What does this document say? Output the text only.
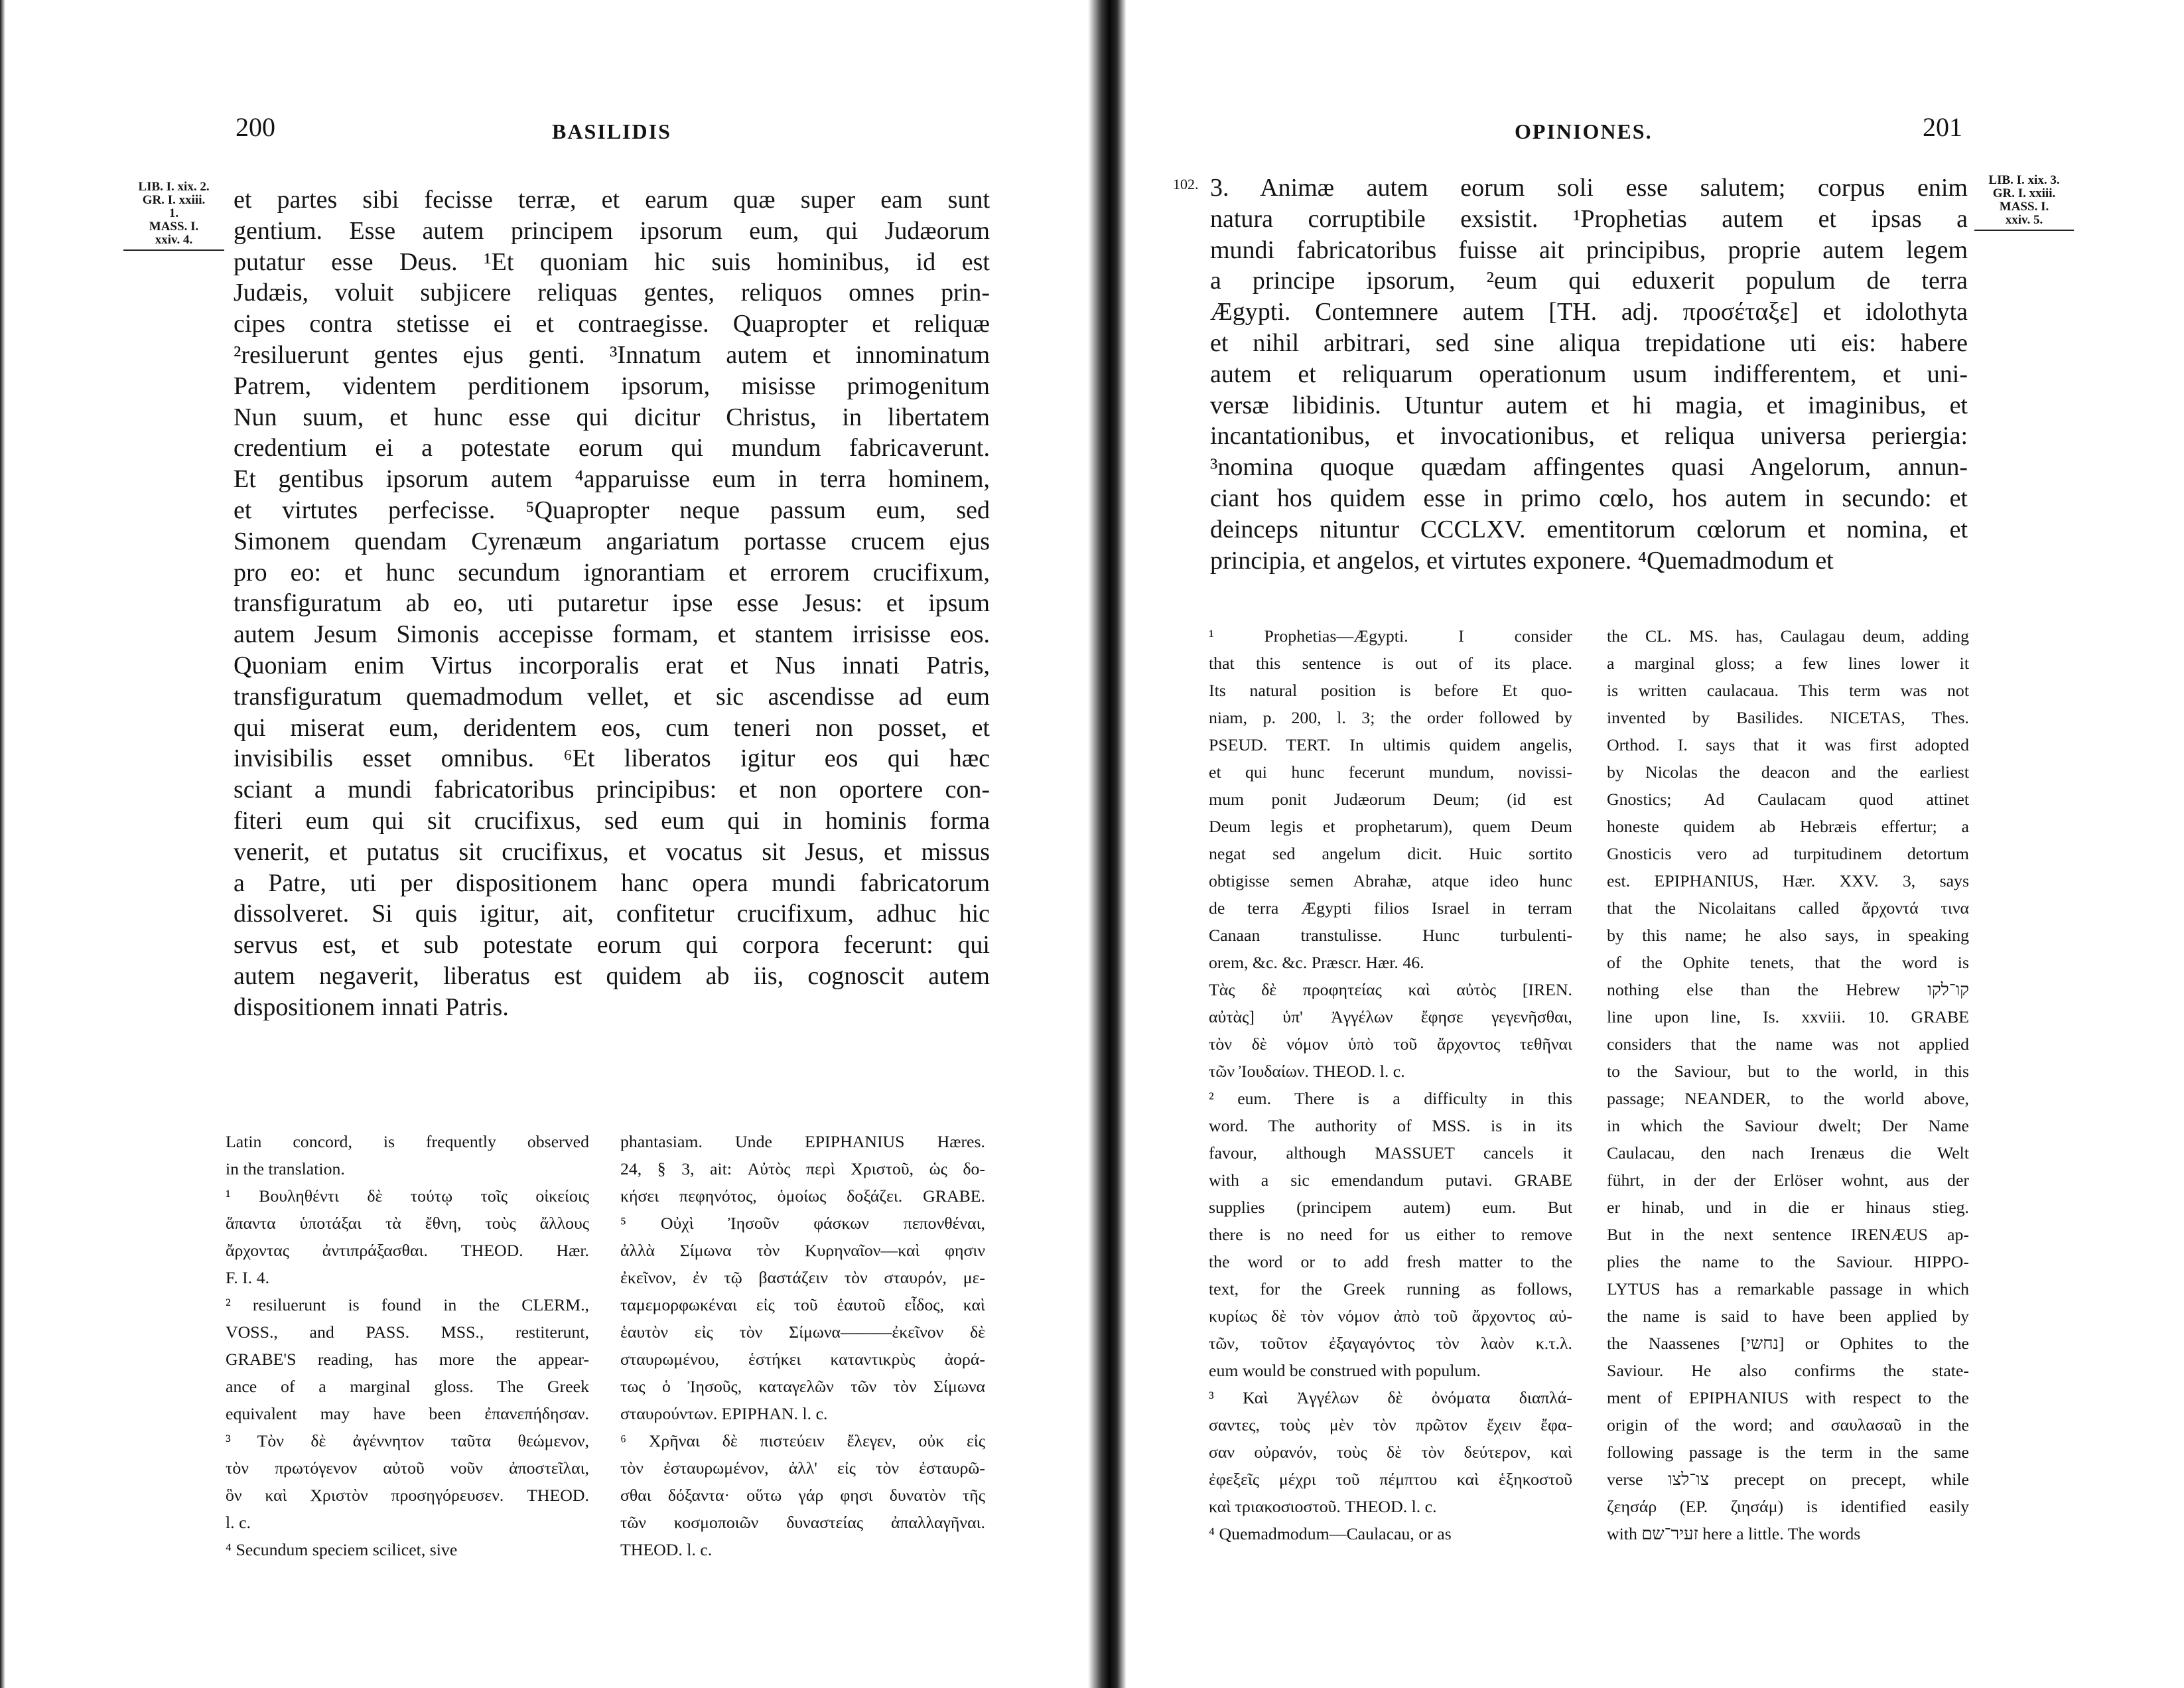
200	BASILIDIS
LIB. I. xix. 2.
GR. I. xxiii.
1.
MASS. I.
xxiv. 4.
et partes sibi fecisse terræ, et earum quæ super eam sunt
gentium. Esse autem principem ipsorum eum, qui Judæorum
putatur esse Deus. ¹Et quoniam hic suis hominibus, id est
Judæis, voluit subjicere reliquas gentes, reliquos omnes prin-
cipes contra stetisse ei et contraegisse. Quapropter et reliquæ
²resiluerunt gentes ejus genti. ³Innatum autem et innominatum
Patrem, videntem perditionem ipsorum, misisse primogenitum
Nun suum, et hunc esse qui dicitur Christus, in libertatem
credentium ei a potestate eorum qui mundum fabricaverunt.
Et gentibus ipsorum autem ⁴apparuisse eum in terra hominem,
et virtutes perfecisse. ⁵Quapropter neque passum eum, sed
Simonem quendam Cyrenæum angariatum portasse crucem ejus
pro eo: et hunc secundum ignorantiam et errorem crucifixum,
transfiguratum ab eo, uti putaretur ipse esse Jesus: et ipsum
autem Jesum Simonis accepisse formam, et stantem irrisisse eos.
Quoniam enim Virtus incorporalis erat et Nus innati Patris,
transfiguratum quemadmodum vellet, et sic ascendisse ad eum
qui miserat eum, deridentem eos, cum teneri non posset, et
invisibilis esset omnibus. ⁶Et liberatos igitur eos qui hæc
sciant a mundi fabricatoribus principibus: et non oportere con-
fiteri eum qui sit crucifixus, sed eum qui in hominis forma
venerit, et putatus sit crucifixus, et vocatus sit Jesus, et missus
a Patre, uti per dispositionem hanc opera mundi fabricatorum
dissolveret. Si quis igitur, ait, confitetur crucifixum, adhuc hic
servus est, et sub potestate eorum qui corpora fecerunt: qui
autem negaverit, liberatus est quidem ab iis, cognoscit autem
dispositionem innati Patris.
Latin concord, is frequently observed
in the translation.
¹ Βουληθέντι δὲ τούτῳ τοῖς οἰκείοις
ἅπαντα ὑποτάξαι τὰ ἔθνη, τοὺς ἄλλους
ἄρχοντας ἀντιπράξασθαι. THEOD. Hær.
F. I. 4.
² resiluerunt is found in the CLERM.,
VOSS., and PASS. MSS., restiterunt,
GRABE'S reading, has more the appear-
ance of a marginal gloss. The Greek
equivalent may have been ἐπανεπήδησαν.
³ Τὸν δὲ ἀγέννητον ταῦτα θεώμενον,
τὸν πρωτόγενον αὐτοῦ νοῦν ἀποστεῖλαι,
ὃν καὶ Χριστὸν προσηγόρευσεν. THEOD.
l. c.
⁴ Secundum speciem scilicet, sive
phantasiam. Unde EPIPHANIUS Hæres.
24, § 3, ait: Αὐτὸς περὶ Χριστοῦ, ὡς δο-
κήσει πεφηνότος, ὁμοίως δοξάζει. GRABE.
⁵ Οὐχὶ Ἰησοῦν φάσκων πεπονθέναι,
ἀλλὰ Σίμωνα τὸν Κυρηναῖον—καὶ φησιν
ἐκεῖνον, ἐν τῷ βαστάζειν τὸν σταυρόν, με-
ταμεμορφωκέναι εἰς τοῦ ἑαυτοῦ εἶδος, καὶ
ἑαυτὸν εἰς τὸν Σίμωνα———ἐκεῖνον δὲ
σταυρωμένου, ἑστήκει καταντικρὺς ἀορά-
τως ὁ Ἰησοῦς, καταγελῶν τῶν τὸν Σίμωνα
σταυρούντων. EPIPHAN. l. c.
⁶ Χρῆναι δὲ πιστεύειν ἔλεγεν, οὐκ εἰς
τὸν ἐσταυρωμένον, ἀλλ' εἰς τὸν ἐσταυρῶ-
σθαι δόξαντα· οὕτω γάρ φησι δυνατὸν τῆς
τῶν κοσμοποιῶν δυναστείας ἀπαλλαγῆναι.
THEOD. l. c.
OPINIONES.	201
102.	LIB. I. xix. 3.
GR. I. xxiii.
MASS. I.
xxiv. 5.
3. Animæ autem eorum soli esse salutem; corpus enim
natura corruptibile exsistit. ¹Prophetias autem et ipsas a
mundi fabricatoribus fuisse ait principibus, proprie autem legem
a principe ipsorum, ²eum qui eduxerit populum de terra
Ægypti. Contemnere autem [TH. adj. προσέταξε] et idolothyta
et nihil arbitrari, sed sine aliqua trepidatione uti eis: habere
autem et reliquarum operationum usum indifferentem, et uni-
versæ libidinis. Utuntur autem et hi magia, et imaginibus, et
incantationibus, et invocationibus, et reliqua universa periergia:
³nomina quoque quædam affingentes quasi Angelorum, annun-
ciant hos quidem esse in primo cœlo, hos autem in secundo: et
deinceps nituntur CCCLXV. ementitorum cœlorum et nomina, et
principia, et angelos, et virtutes exponere. ⁴Quemadmodum et
¹ Prophetias—Ægypti. I consider
that this sentence is out of its place.
Its natural position is before Et quo-
niam, p. 200, l. 3; the order followed by
PSEUD. TERT. In ultimis quidem angelis,
et qui hunc fecerunt mundum, novissi-
mum ponit Judæorum Deum; (id est
Deum legis et prophetarum), quem Deum
negat sed angelum dicit. Huic sortito
obtigisse semen Abrahæ, atque ideo hunc
de terra Ægypti filios Israel in terram
Canaan transtulisse. Hunc turbulenti-
orem, &c. &c. Præscr. Hær. 46.
Τὰς δὲ προφητείας καὶ αὐτὸς [IREN.
αὐτὰς] ὑπ' Ἀγγέλων ἔφησε γεγενῆσθαι,
τὸν δὲ νόμον ὑπὸ τοῦ ἄρχοντος τεθῆναι
τῶν Ἰουδαίων. THEOD. l. c.
² eum. There is a difficulty in this
word. The authority of MSS. is in its
favour, although MASSUET cancels it
with a sic emendandum putavi. GRABE
supplies (principem autem) eum. But
there is no need for us either to remove
the word or to add fresh matter to the
text, for the Greek running as follows,
κυρίως δὲ τὸν νόμον ἀπὸ τοῦ ἄρχοντος αὐ-
τῶν, τοῦτον ἐξαγαγόντος τὸν λαὸν κ.τ.λ.
eum would be construed with populum.
³ Καὶ Ἀγγέλων δὲ ὀνόματα διαπλά-
σαντες, τοὺς μὲν τὸν πρῶτον ἔχειν ἔφα-
σαν οὐρανόν, τοὺς δὲ τὸν δεύτερον, καὶ
ἐφεξεῖς μέχρι τοῦ πέμπτου καὶ ἑξηκοστοῦ
καὶ τριακοσιοστοῦ. THEOD. l. c.
⁴ Quemadmodum—Caulacau, or as
the CL. MS. has, Caulagau deum, adding
a marginal gloss; a few lines lower it
is written caulacaua. This term was not
invented by Basilides. NICETAS, Thes.
Orthod. I. says that it was first adopted
by Nicolas the deacon and the earliest
Gnostics; Ad Caulacam quod attinet
honeste quidem ab Hebræis effertur; a
Gnosticis vero ad turpitudinem detortum
est. EPIPHANIUS, Hær. XXV. 3, says
that the Nicolaitans called ἄρχοντά τινα
by this name; he also says, in speaking
of the Ophite tenets, that the word is
nothing else than the Hebrew קו־לקו
line upon line, Is. xxviii. 10. GRABE
considers that the name was not applied
to the Saviour, but to the world, in this
passage; NEANDER, to the world above,
in which the Saviour dwelt; Der Name
Caulacau, den nach Irenæus die Welt
führt, in der der Erlöser wohnt, aus der
er hinab, und in die er hinaus stieg.
But in the next sentence IRENÆUS ap-
plies the name to the Saviour. HIPPO-
LYTUS has a remarkable passage in which
the name is said to have been applied by
the Naassenes [נחשי] or Ophites to the
Saviour. He also confirms the state-
ment of EPIPHANIUS with respect to the
origin of the word; and σαυλασαῦ in the
following passage is the term in the same
verse צו־לצו precept on precept, while
ζεησάρ (EP. ζιησάμ) is identified easily
with זעיר־שם here a little. The words
